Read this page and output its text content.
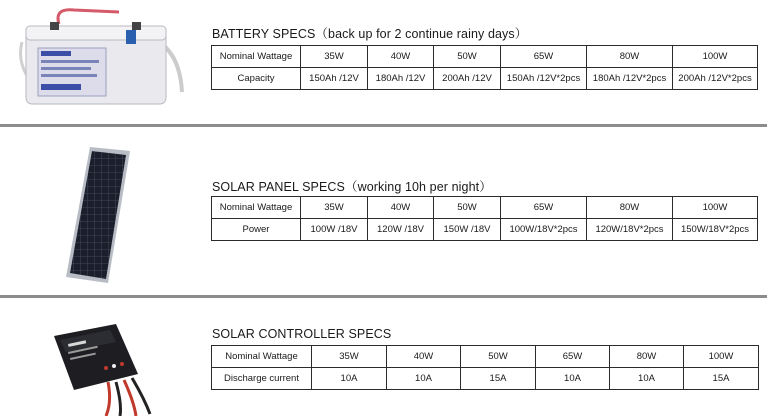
BATTERY SPECS（back up for 2 continue rainy days）
Nominal Wattage	35W	40W	50W	65W	80W	100W
Capacity	150Ah /12V	180Ah /12V	200Ah /12V	150Ah /12V*2pcs	180Ah /12V*2pcs	200Ah /12V*2pcs
SOLAR PANEL SPECS（working 10h per night）
Nominal Wattage	35W	40W	50W	65W	80W	100W
Power	100W /18V	120W /18V	150W /18V	100W/18V*2pcs	120W/18V*2pcs	150W/18V*2pcs
SOLAR CONTROLLER SPECS
Nominal Wattage	35W	40W	50W	65W	80W	100W
Discharge current	10A	10A	15A	10A	10A	15A
